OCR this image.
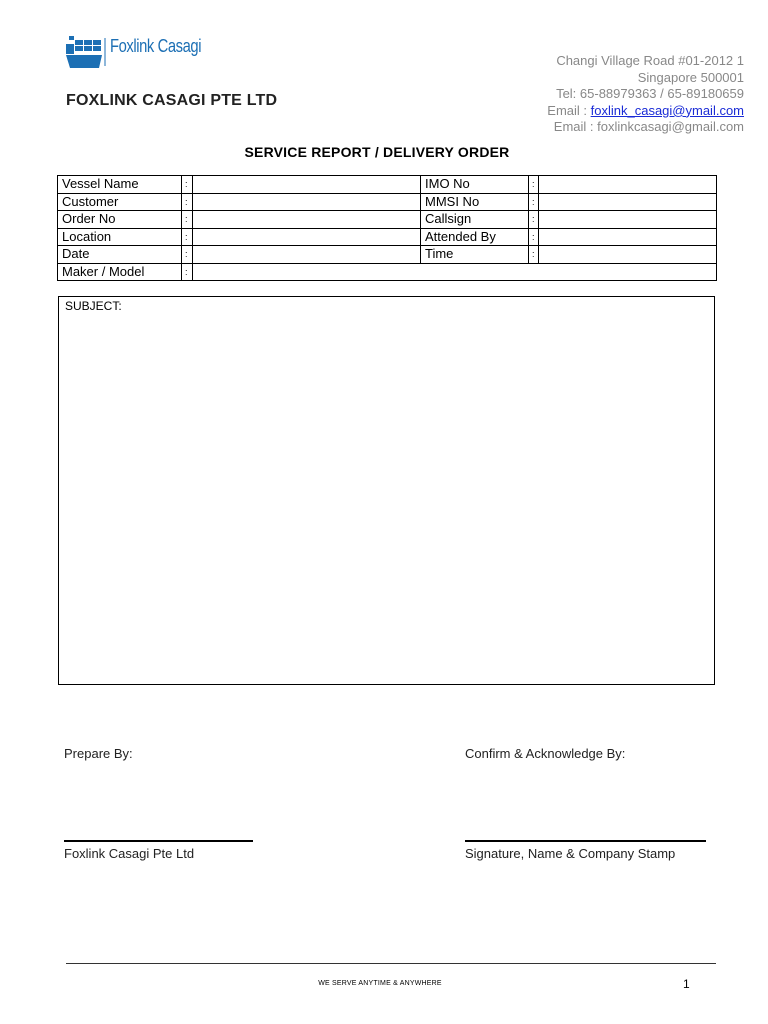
Foxlink Casagi
FOXLINK CASAGI PTE LTD
Changi Village Road #01-2012 1
Singapore 500001
Tel: 65-88979363 / 65-89180659
Email : foxlink_casagi@ymail.com
Email : foxlinkcasagi@gmail.com
SERVICE REPORT / DELIVERY ORDER
Vessel Name	:		IMO No	:	
Customer	:		MMSI No	:	
Order No	:		Callsign	:	
Location	:		Attended By	:	
Date	:		Time	:	
Maker / Model	:				
SUBJECT:
Prepare By:	Confirm & Acknowledge By:
Foxlink Casagi Pte Ltd	Signature, Name & Company Stamp
WE SERVE ANYTIME & ANYWHERE	1
